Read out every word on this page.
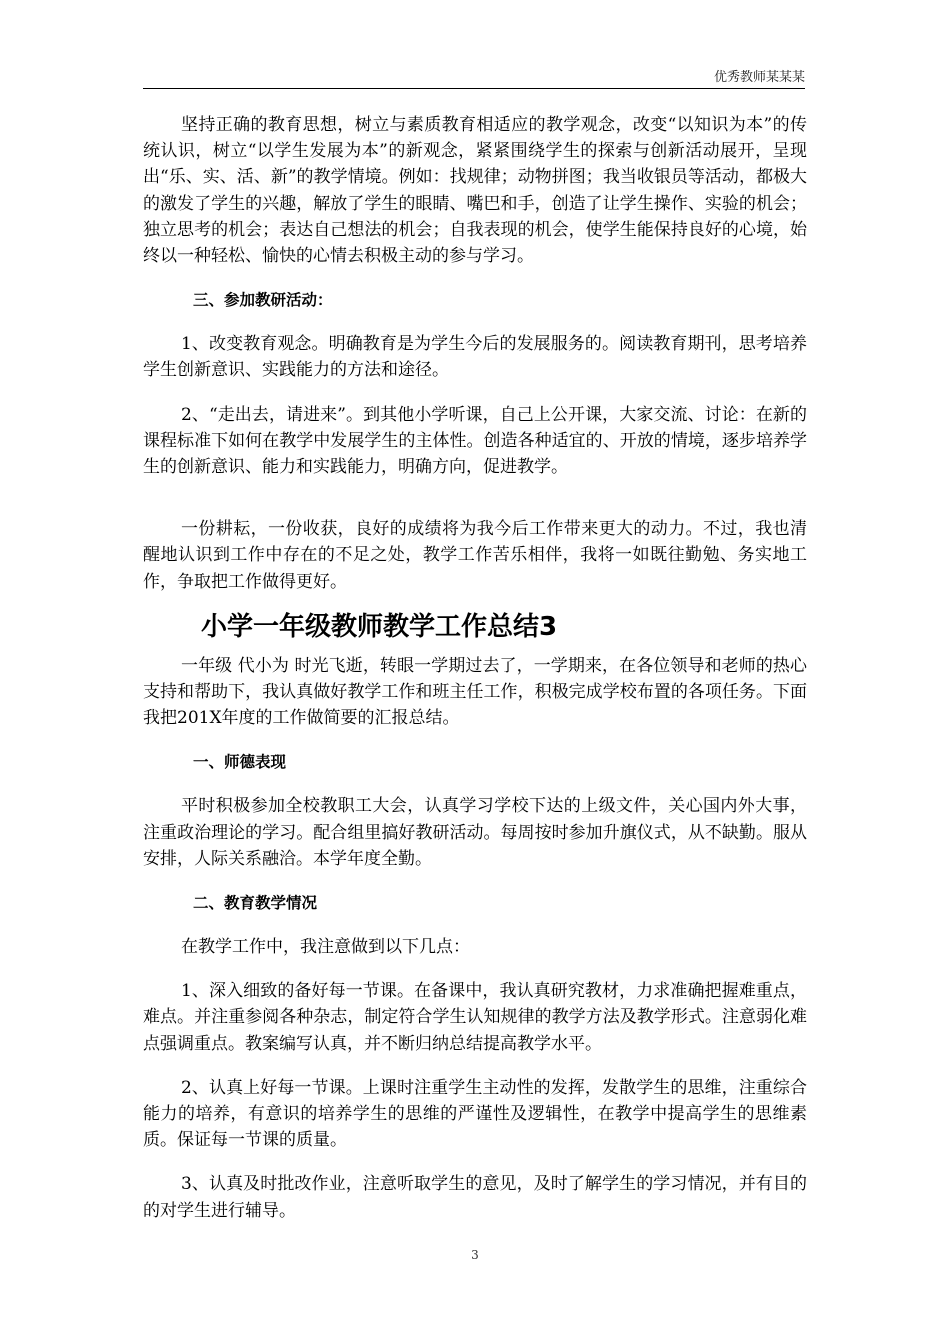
优秀教师某某某

坚持正确的教育思想，树立与素质教育相适应的教学观念，改变“以知识为本”的传统认识，树立“以学生发展为本”的新观念，紧紧围绕学生的探索与创新活动展开，呈现出“乐、实、活、新”的教学情境。例如：找规律；动物拼图；我当收银员等活动，都极大的激发了学生的兴趣，解放了学生的眼睛、嘴巴和手，创造了让学生操作、实验的机会；独立思考的机会；表达自己想法的机会；自我表现的机会，使学生能保持良好的心境，始终以一种轻松、愉快的心情去积极主动的参与学习。

三、参加教研活动：

1、改变教育观念。明确教育是为学生今后的发展服务的。阅读教育期刊，思考培养学生创新意识、实践能力的方法和途径。

2、“走出去，请进来”。到其他小学听课，自己上公开课，大家交流、讨论：在新的课程标准下如何在教学中发展学生的主体性。创造各种适宜的、开放的情境，逐步培养学生的创新意识、能力和实践能力，明确方向，促进教学。

一份耕耘，一份收获，良好的成绩将为我今后工作带来更大的动力。不过，我也清醒地认识到工作中存在的不足之处，教学工作苦乐相伴，我将一如既往勤勉、务实地工作，争取把工作做得更好。

小学一年级教师教学工作总结3

一年级 代小为 时光飞逝，转眼一学期过去了，一学期来，在各位领导和老师的热心支持和帮助下，我认真做好教学工作和班主任工作，积极完成学校布置的各项任务。下面我把201X年度的工作做简要的汇报总结。

一、师德表现

平时积极参加全校教职工大会，认真学习学校下达的上级文件，关心国内外大事，注重政治理论的学习。配合组里搞好教研活动。每周按时参加升旗仪式，从不缺勤。服从安排，人际关系融洽。本学年度全勤。

二、教育教学情况

在教学工作中，我注意做到以下几点：

1、深入细致的备好每一节课。在备课中，我认真研究教材，力求准确把握难重点，难点。并注重参阅各种杂志，制定符合学生认知规律的教学方法及教学形式。注意弱化难点强调重点。教案编写认真，并不断归纳总结提高教学水平。

2、认真上好每一节课。上课时注重学生主动性的发挥，发散学生的思维，注重综合能力的培养，有意识的培养学生的思维的严谨性及逻辑性，在教学中提高学生的思维素质。保证每一节课的质量。

3、认真及时批改作业，注意听取学生的意见，及时了解学生的学习情况，并有目的的对学生进行辅导。

3
